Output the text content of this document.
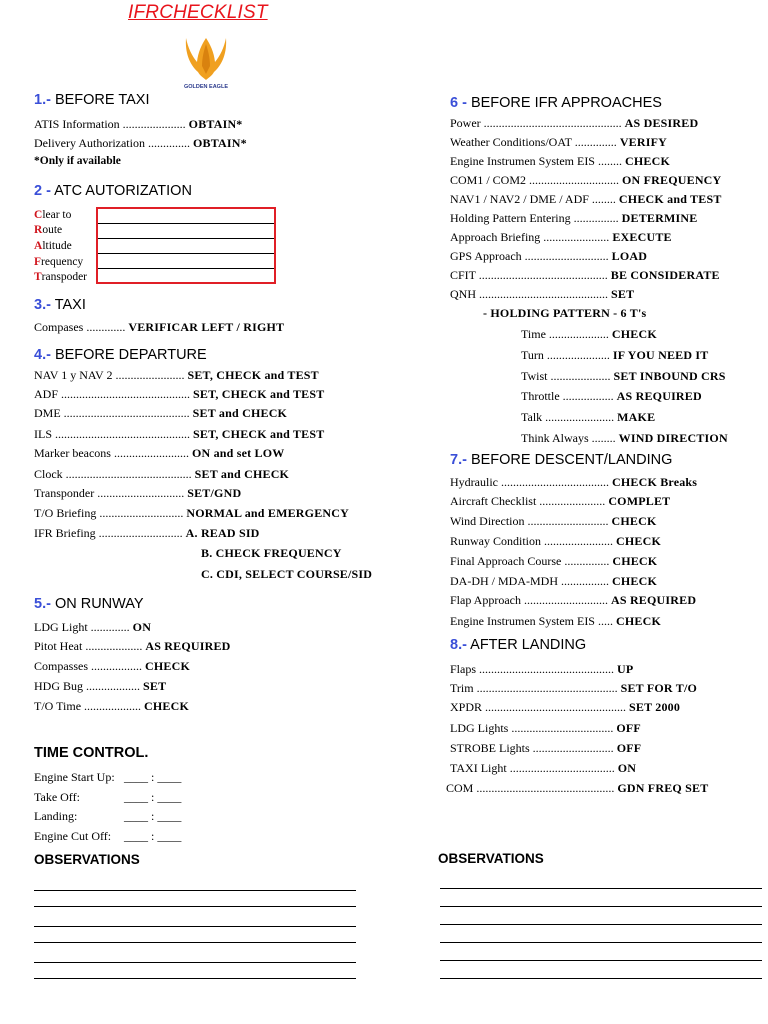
IFRCHECKLIST
GOLDEN EAGLE
1.- BEFORE TAXI
ATIS Information ..................... OBTAIN*
Delivery Authorization .............. OBTAIN*
*Only if available
2 - ATC AUTORIZATION
Clear to
Route
Altitude
Frequency
Transpoder
3.- TAXI
Compases ............. VERIFICAR LEFT / RIGHT
4.- BEFORE DEPARTURE
NAV 1 y NAV 2 ....................... SET, CHECK and TEST
ADF ........................................... SET, CHECK and TEST
DME .......................................... SET and CHECK
ILS ............................................. SET, CHECK and TEST
Marker beacons ......................... ON and set LOW
Clock .......................................... SET and CHECK
Transponder ............................. SET/GND
T/O Briefing ............................ NORMAL and EMERGENCY
IFR Briefing ............................ A. READ SID
B. CHECK FREQUENCY
C. CDI, SELECT COURSE/SID
5.- ON RUNWAY
LDG Light ............. ON
Pitot Heat ................... AS REQUIRED
Compasses ................. CHECK
HDG Bug .................. SET
T/O Time ................... CHECK
TIME CONTROL.
Engine Start Up: ____ : ____
Take Off:	____ : ____
Landing:	____ : ____
Engine Cut Off: ____ : ____
OBSERVATIONS
6 - BEFORE IFR APPROACHES
Power .............................................. AS DESIRED
Weather Conditions/OAT .............. VERIFY
Engine Instrumen System EIS ........ CHECK
COM1 / COM2 .............................. ON FREQUENCY
NAV1 / NAV2 / DME / ADF ........ CHECK and TEST
Holding Pattern Entering ............... DETERMINE
Approach Briefing ...................... EXECUTE
GPS Approach ............................ LOAD
CFIT ........................................... BE CONSIDERATE
QNH ........................................... SET
- HOLDING PATTERN - 6 T's
Time .................... CHECK
Turn ..................... IF YOU NEED IT
Twist .................... SET INBOUND CRS
Throttle ................. AS REQUIRED
Talk ....................... MAKE
Think Always ........ WIND DIRECTION
7.- BEFORE DESCENT/LANDING
Hydraulic .................................... CHECK Breaks
Aircraft Checklist ...................... COMPLET
Wind Direction ........................... CHECK
Runway Condition ....................... CHECK
Final Approach Course ............... CHECK
DA-DH / MDA-MDH ................ CHECK
Flap Approach ............................ AS REQUIRED
Engine Instrumen System EIS ..... CHECK
8.- AFTER LANDING
Flaps ............................................. UP
Trim ............................................... SET FOR T/O
XPDR ............................................... SET 2000
LDG Lights .................................. OFF
STROBE Lights ........................... OFF
TAXI Light ................................... ON
COM .............................................. GDN FREQ SET
OBSERVATIONS
